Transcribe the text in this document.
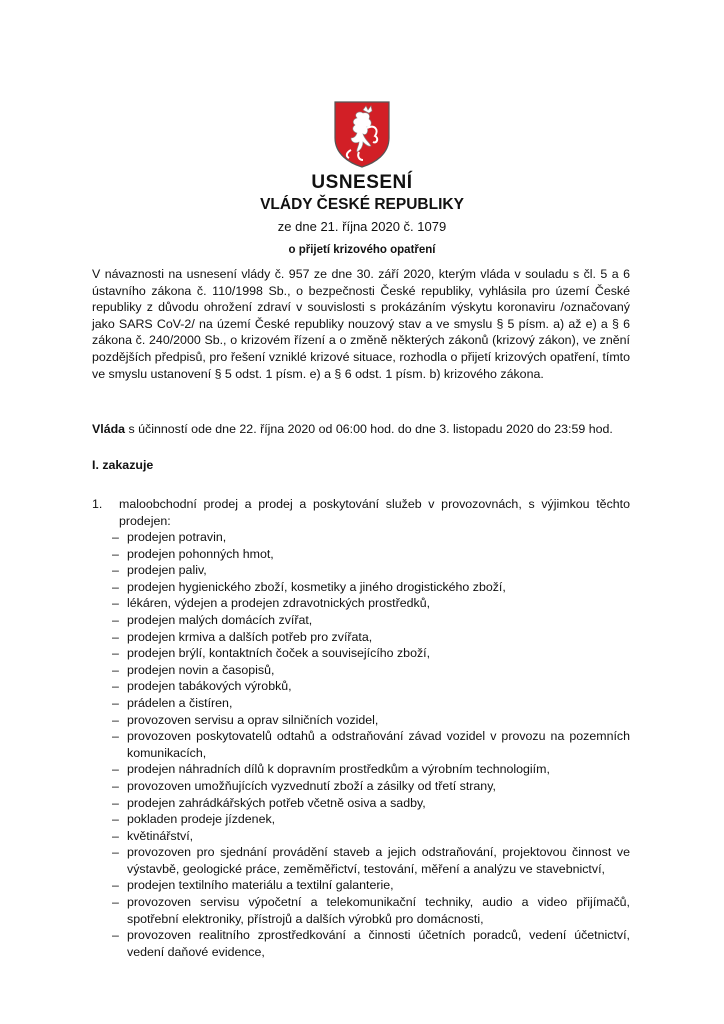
USNESENÍ
VLÁDY ČESKÉ REPUBLIKY
ze dne 21. října 2020 č. 1079
o přijetí krizového opatření
V návaznosti na usnesení vlády č. 957 ze dne 30. září 2020, kterým vláda v souladu s čl. 5 a 6 ústavního zákona č. 110/1998 Sb., o bezpečnosti České republiky, vyhlásila pro území České republiky z důvodu ohrožení zdraví v souvislosti s prokázáním výskytu koronaviru /označovaný jako SARS CoV-2/ na území České republiky nouzový stav a ve smyslu § 5 písm. a) až e) a § 6 zákona č. 240/2000 Sb., o krizovém řízení a o změně některých zákonů (krizový zákon), ve znění pozdějších předpisů, pro řešení vzniklé krizové situace, rozhodla o přijetí krizových opatření, tímto ve smyslu ustanovení § 5 odst. 1 písm. e) a § 6 odst. 1 písm. b) krizového zákona.
Vláda s účinností ode dne 22. října 2020 od 06:00 hod. do dne 3. listopadu 2020 do 23:59 hod.
I. zakazuje
1. maloobchodní prodej a prodej a poskytování služeb v provozovnách, s výjimkou těchto prodejen:
– prodejen potravin,
– prodejen pohonných hmot,
– prodejen paliv,
– prodejen hygienického zboží, kosmetiky a jiného drogistického zboží,
– lékáren, výdejen a prodejen zdravotnických prostředků,
– prodejen malých domácích zvířat,
– prodejen krmiva a dalších potřeb pro zvířata,
– prodejen brýlí, kontaktních čoček a souvisejícího zboží,
– prodejen novin a časopisů,
– prodejen tabákových výrobků,
– prádelen a čistíren,
– provozoven servisu a oprav silničních vozidel,
– provozoven poskytovatelů odtahů a odstraňování závad vozidel v provozu na pozemních komunikacích,
– prodejen náhradních dílů k dopravním prostředkům a výrobním technologiím,
– provozoven umožňujících vyzvednutí zboží a zásilky od třetí strany,
– prodejen zahrádkářských potřeb včetně osiva a sadby,
– pokladen prodeje jízdenek,
– květinářství,
– provozoven pro sjednání provádění staveb a jejich odstraňování, projektovou činnost ve výstavbě, geologické práce, zeměměřictví, testování, měření a analýzu ve stavebnictví,
– prodejen textilního materiálu a textilní galanterie,
– provozoven servisu výpočetní a telekomunikační techniky, audio a video přijímačů, spotřební elektroniky, přístrojů a dalších výrobků pro domácnosti,
– provozoven realitního zprostředkování a činnosti účetních poradců, vedení účetnictví, vedení daňové evidence,
